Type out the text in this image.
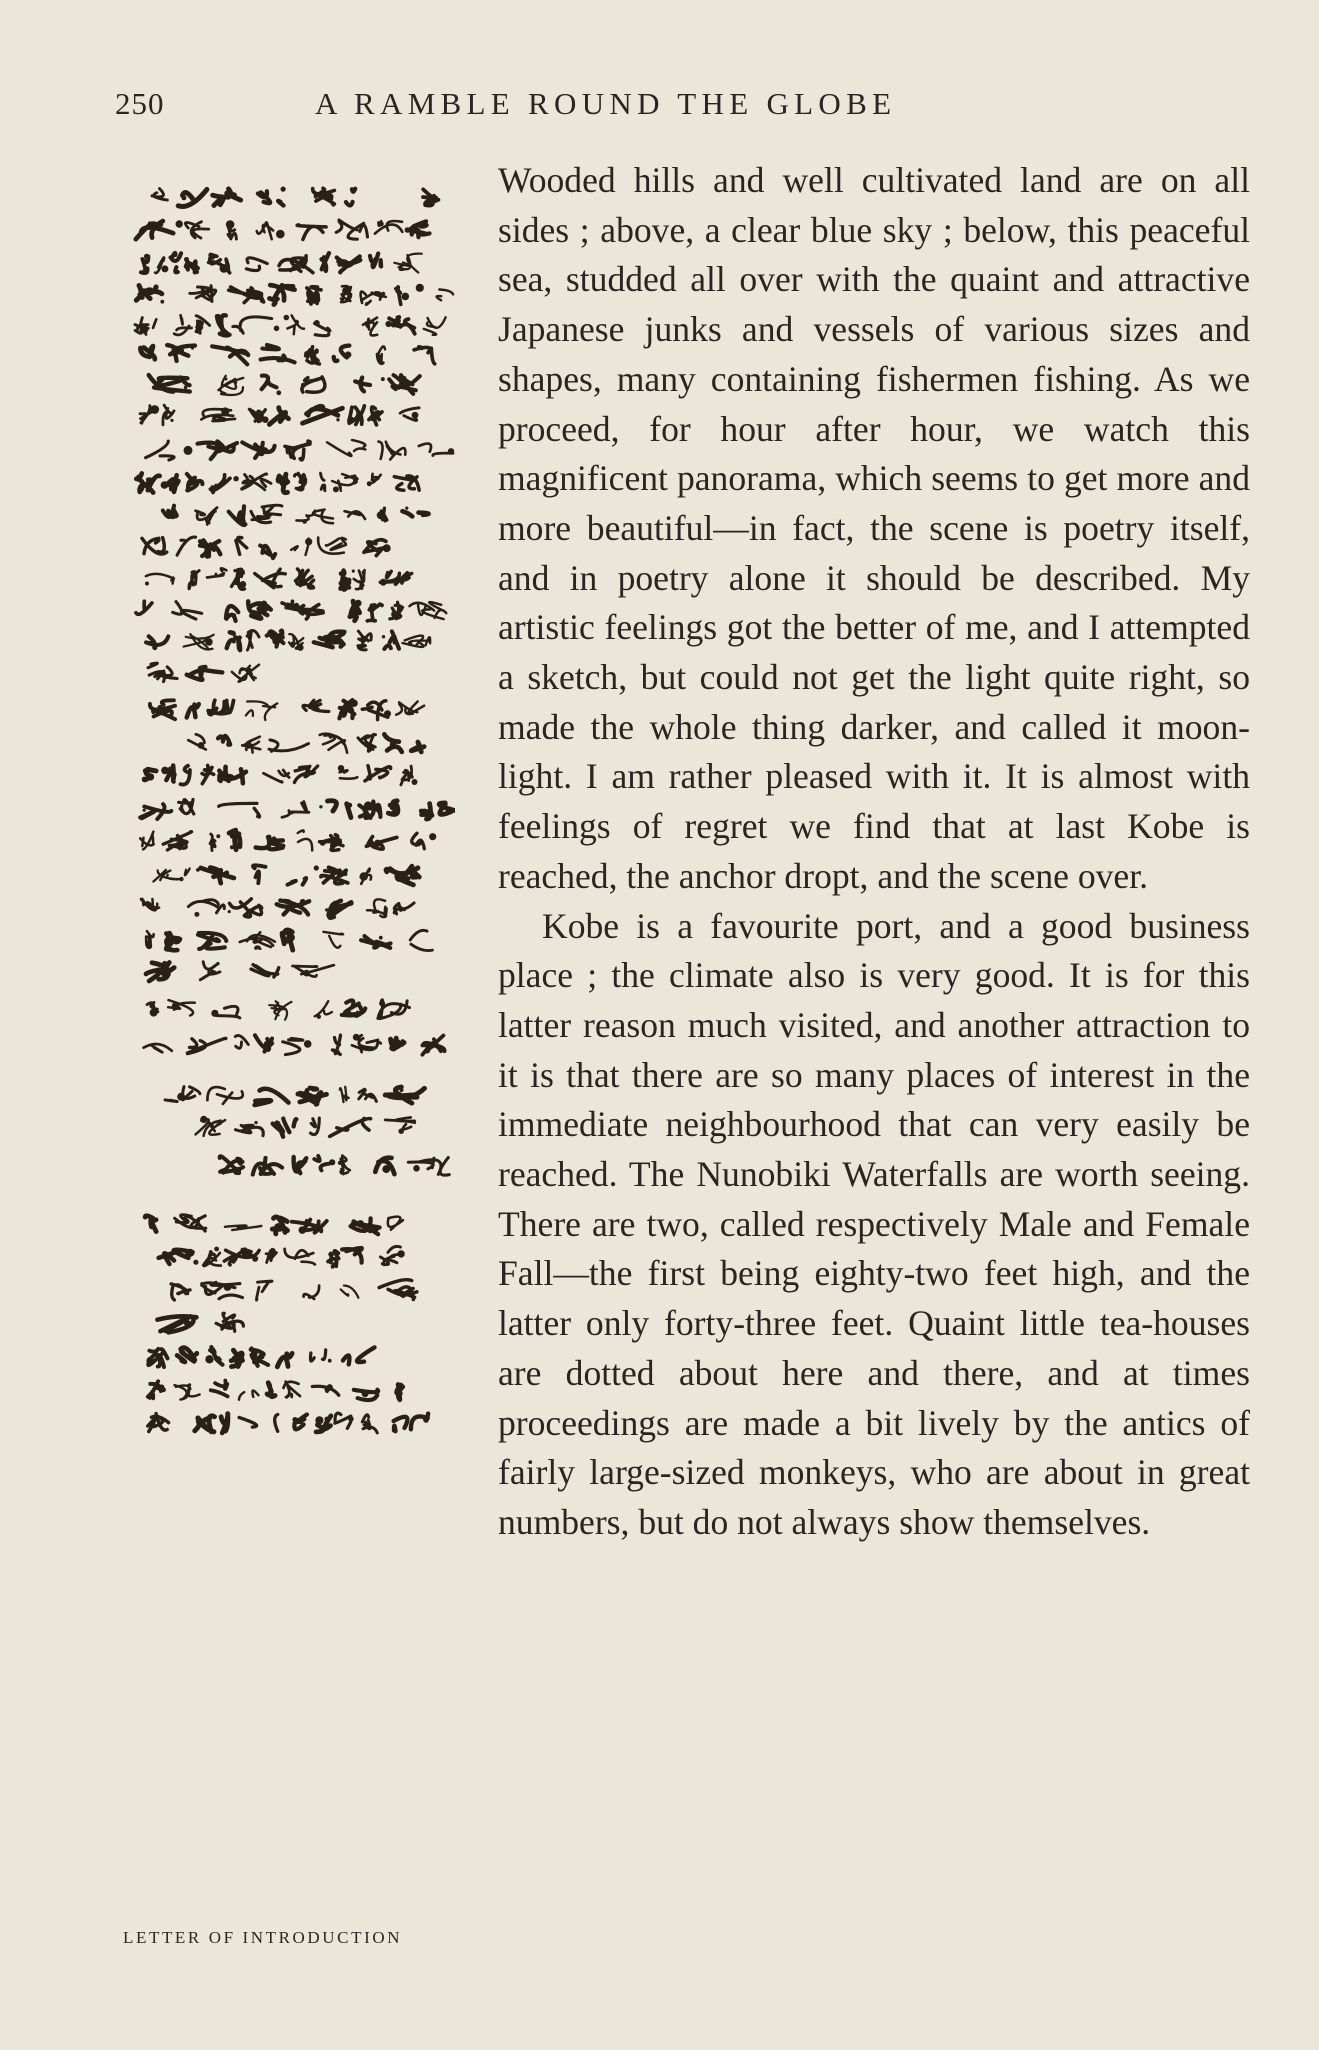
250	A RAMBLE ROUND THE GLOBE
LETTER OF INTRODUCTION

Wooded hills and well cultivated land are on all sides ; above, a clear blue sky ; below, this peaceful sea, studded all over with the quaint and attractive Japanese junks and vessels of various sizes and shapes, many containing fishermen fishing. As we proceed, for hour after hour, we watch this magnificent panorama, which seems to get more and more beautiful—in fact, the scene is poetry itself, and in poetry alone it should be described. My artistic feelings got the better of me, and I attempted a sketch, but could not get the light quite right, so made the whole thing darker, and called it moonlight. I am rather pleased with it. It is almost with feelings of regret we find that at last Kobe is reached, the anchor dropt, and the scene over.

Kobe is a favourite port, and a good business place ; the climate also is very good. It is for this latter reason much visited, and another attraction to it is that there are so many places of interest in the immediate neighbourhood that can very easily be reached. The Nunobiki Waterfalls are worth seeing. There are two, called respectively Male and Female Fall—the first being eighty-two feet high, and the latter only forty-three feet. Quaint little tea-houses are dotted about here and there, and at times proceedings are made a bit lively by the antics of fairly large-sized monkeys, who are about in great numbers, but do not always show themselves.
